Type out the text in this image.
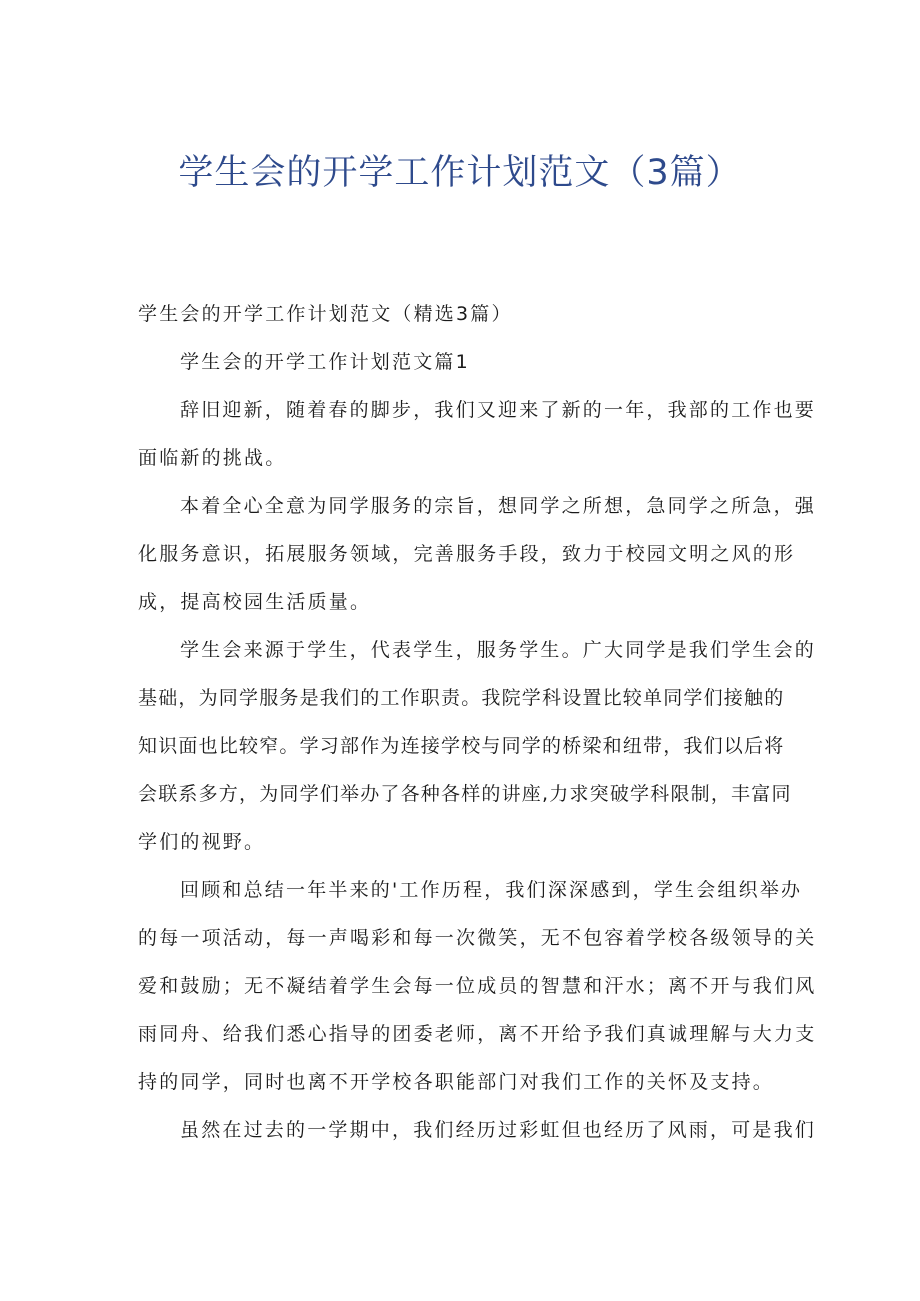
学生会的开学工作计划范文（3篇）

学生会的开学工作计划范文（精选3篇）

学生会的开学工作计划范文篇1

辞旧迎新，随着春的脚步，我们又迎来了新的一年，我部的工作也要

面临新的挑战。

本着全心全意为同学服务的宗旨，想同学之所想，急同学之所急，强

化服务意识，拓展服务领域，完善服务手段，致力于校园文明之风的形

成，提高校园生活质量。

学生会来源于学生，代表学生，服务学生。广大同学是我们学生会的

基础，为同学服务是我们的工作职责。我院学科设置比较单同学们接触的

知识面也比较窄。学习部作为连接学校与同学的桥梁和纽带，我们以后将

会联系多方，为同学们举办了各种各样的讲座,力求突破学科限制，丰富同

学们的视野。

回顾和总结一年半来的'工作历程，我们深深感到，学生会组织举办

的每一项活动，每一声喝彩和每一次微笑，无不包容着学校各级领导的关

爱和鼓励；无不凝结着学生会每一位成员的智慧和汗水；离不开与我们风

雨同舟、给我们悉心指导的团委老师，离不开给予我们真诚理解与大力支

持的同学，同时也离不开学校各职能部门对我们工作的关怀及支持。

虽然在过去的一学期中，我们经历过彩虹但也经历了风雨，可是我们
